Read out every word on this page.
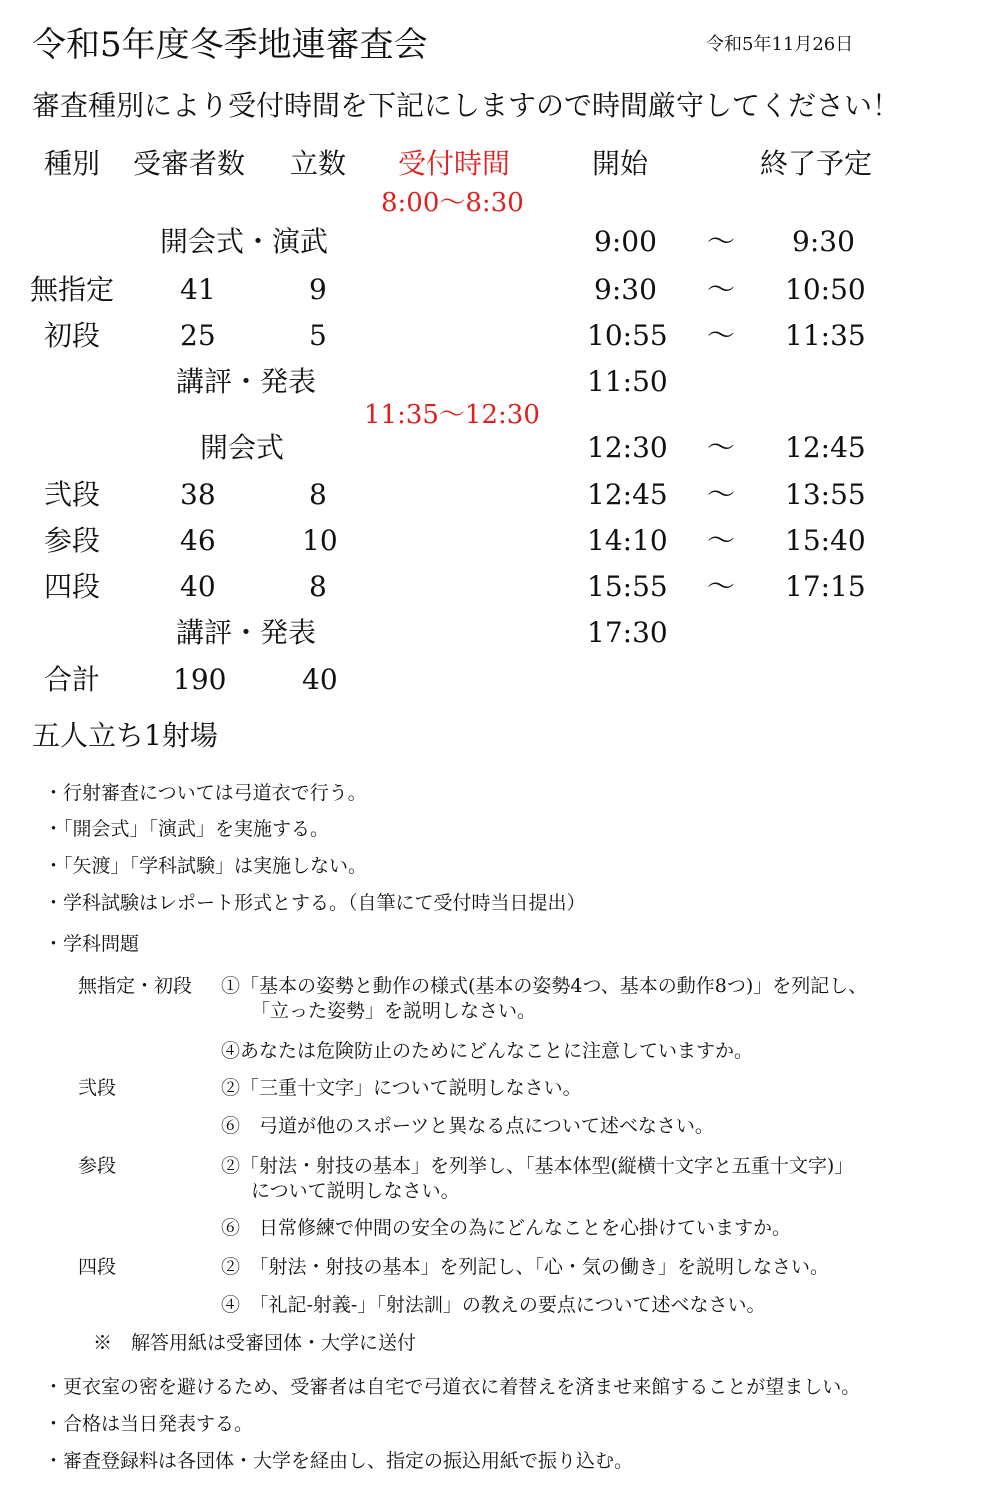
令和5年度冬季地連審査会	令和5年11月26日
審査種別により受付時間を下記にしますので時間厳守してください！
種別 受審者数 立数 受付時間	開始	終了予定
8:00～8:30
開会式・演武	9:00 ～ 9:30
無指定 41	9	9:30 ～ 10:50
初段	25	5	10:55 ～ 11:35
講評・発表	11:50
11:35～12:30
開会式	12:30 ～ 12:45
弐段	38	8	12:45 ～ 13:55
参段	46	10	14:10 ～ 15:40
四段	40	8	15:55 ～ 17:15
講評・発表	17:30
合計	190	40
五人立ち1射場
・行射審査については弓道衣で行う。
・「開会式」「演武」を実施する。
・「矢渡」「学科試験」は実施しない。
・学科試験はレポート形式とする。（自筆にて受付時当日提出）
・学科問題
無指定・初段 ①「基本の姿勢と動作の様式(基本の姿勢4つ、基本の動作8つ)」を列記し、
「立った姿勢」を説明しなさい。
④あなたは危険防止のためにどんなことに注意していますか。
弐段	②「三重十文字」について説明しなさい。
⑥　弓道が他のスポーツと異なる点について述べなさい。
参段	②「射法・射技の基本」を列挙し、「基本体型(縦横十文字と五重十文字)」
について説明しなさい。
⑥　日常修練で仲間の安全の為にどんなことを心掛けていますか。
四段	②　「射法・射技の基本」を列記し、「心・気の働き」を説明しなさい。
④　「礼記-射義-」「射法訓」の教えの要点について述べなさい。
※　解答用紙は受審団体・大学に送付
・更衣室の密を避けるため、受審者は自宅で弓道衣に着替えを済ませ来館することが望ましい。
・合格は当日発表する。
・審査登録料は各団体・大学を経由し、指定の振込用紙で振り込む。
